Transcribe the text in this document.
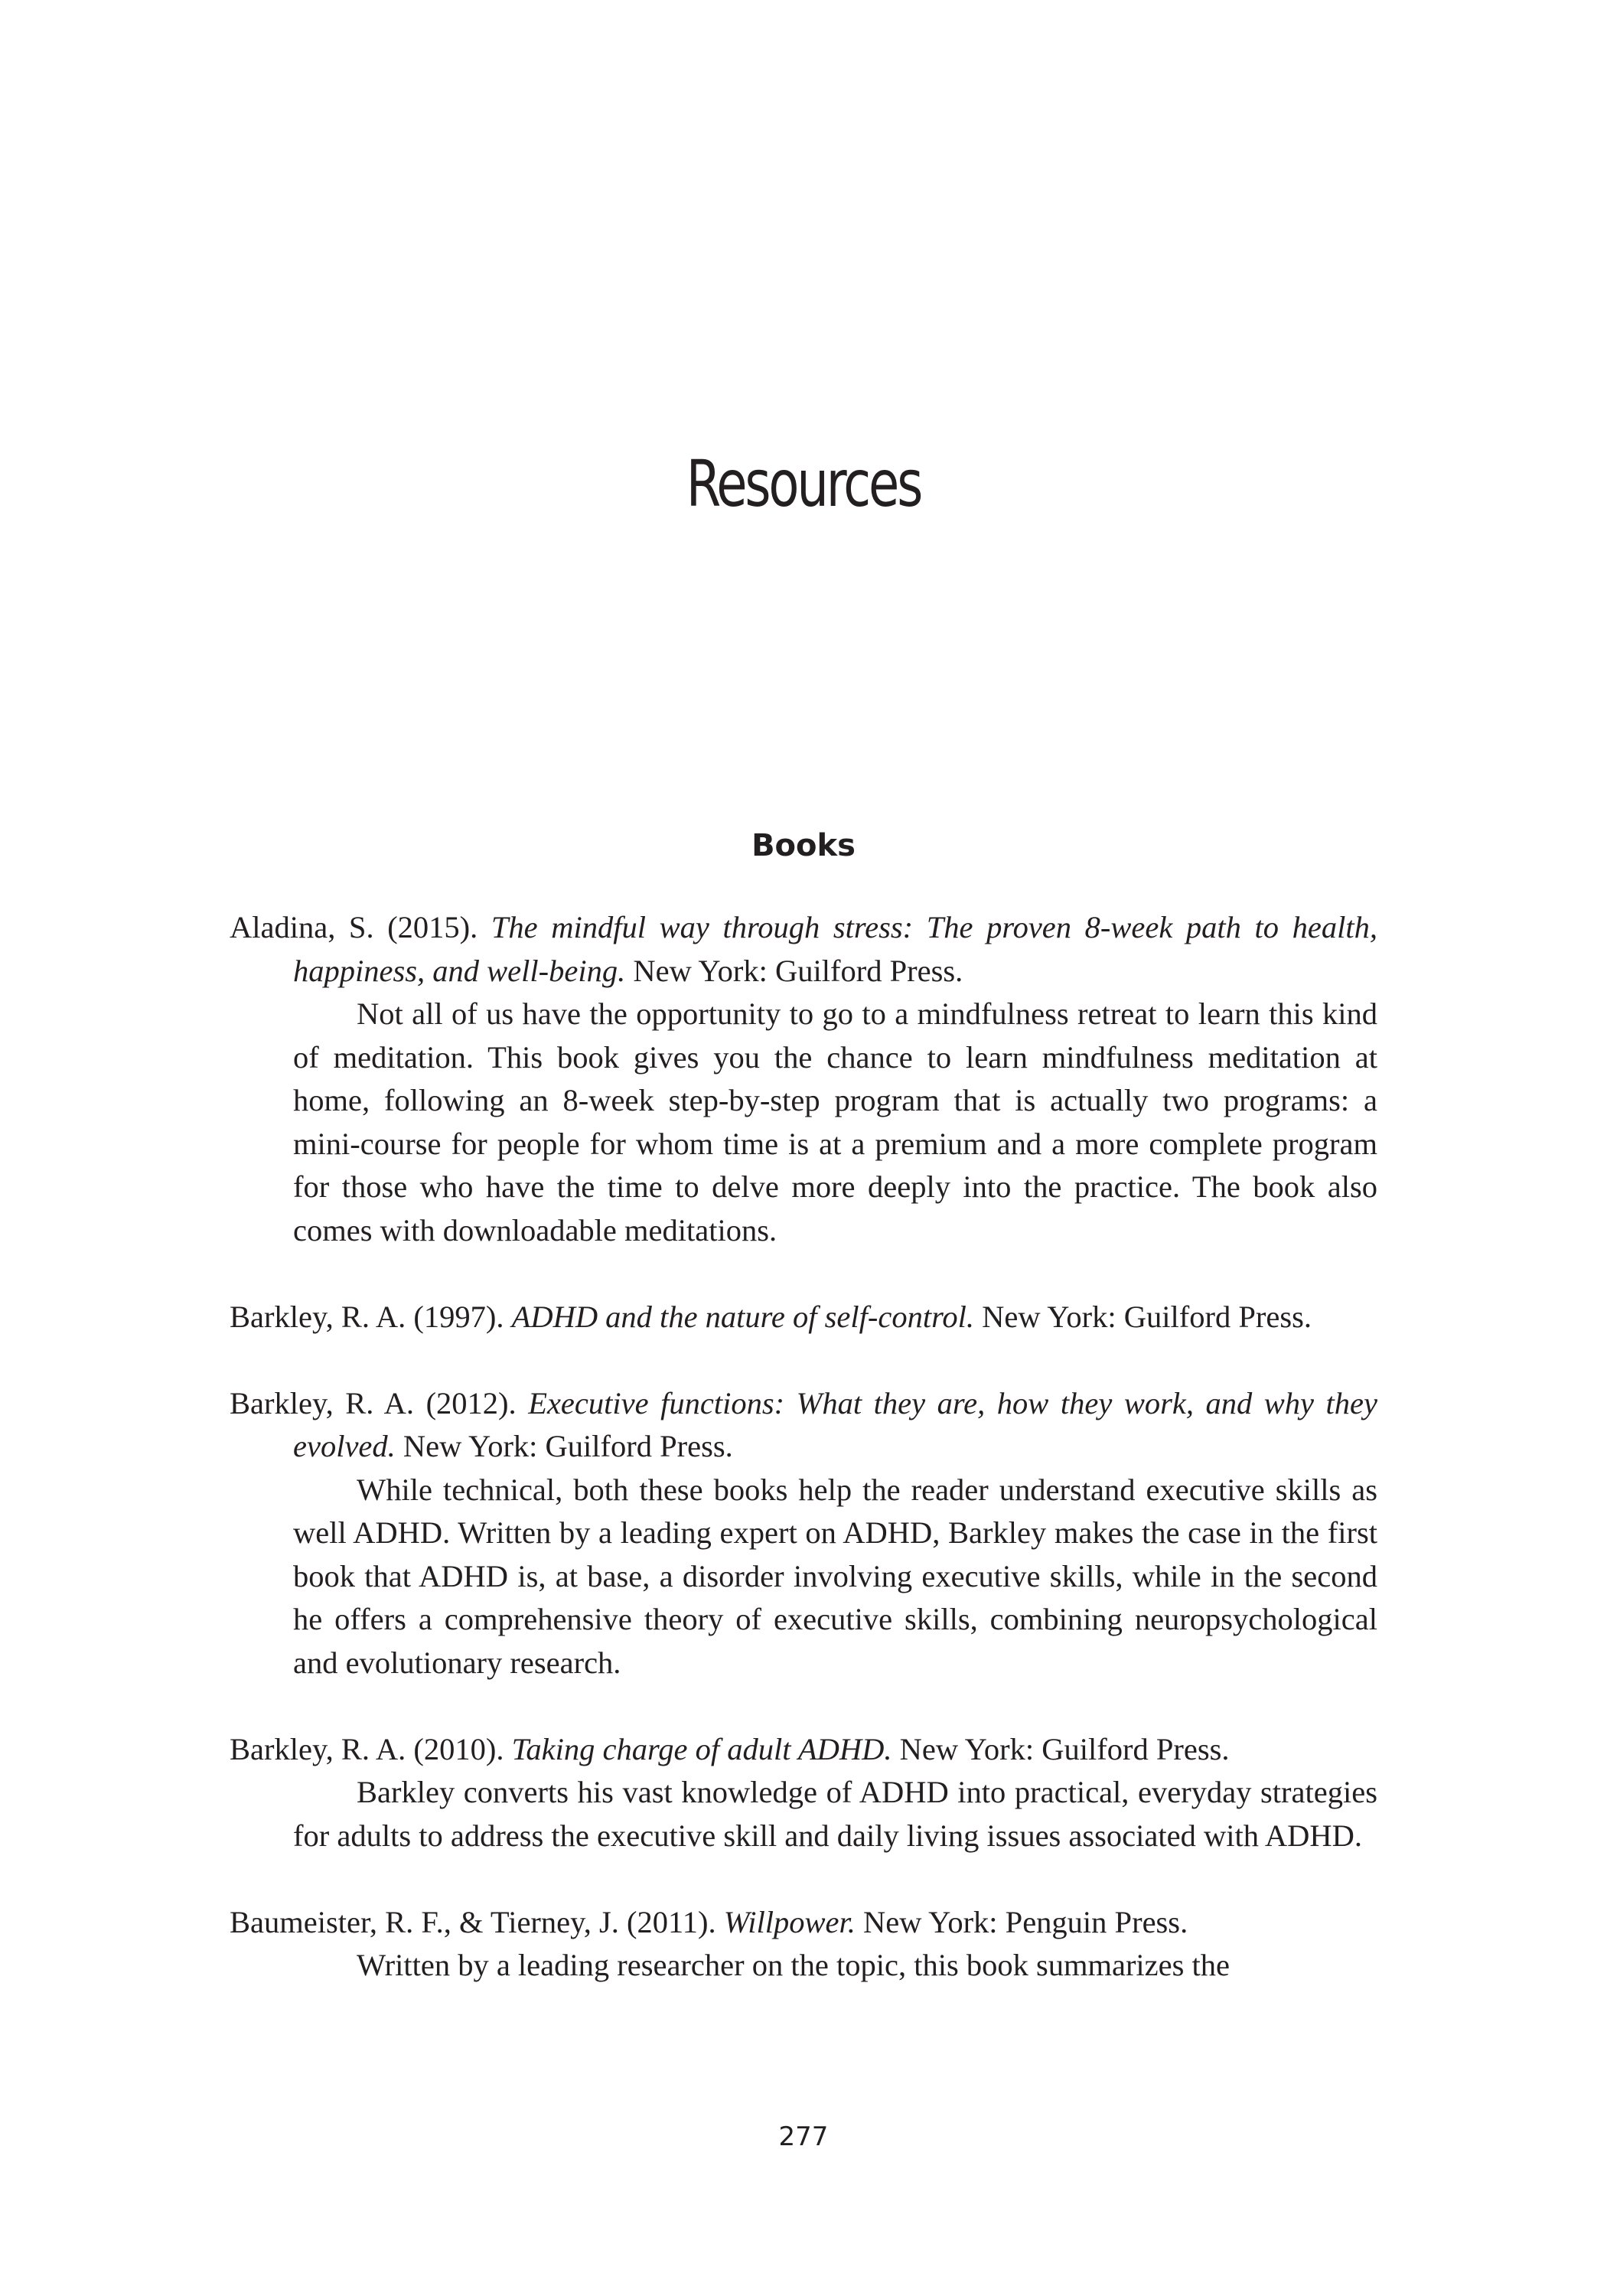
Resources
Books

Aladina, S. (2015). The mindful way through stress: The proven 8-week path to health, happiness, and well-being. New York: Guilford Press.

Not all of us have the opportunity to go to a mindfulness retreat to learn this kind of meditation. This book gives you the chance to learn mindfulness meditation at home, following an 8-week step-by-step program that is actually two programs: a mini-course for people for whom time is at a premium and a more complete program for those who have the time to delve more deeply into the practice. The book also comes with downloadable meditations.

Barkley, R. A. (1997). ADHD and the nature of self-control. New York: Guilford Press.

Barkley, R. A. (2012). Executive functions: What they are, how they work, and why they evolved. New York: Guilford Press.

While technical, both these books help the reader understand executive skills as well ADHD. Written by a leading expert on ADHD, Barkley makes the case in the first book that ADHD is, at base, a disorder involving executive skills, while in the second he offers a comprehensive theory of executive skills, combining neuropsychological and evolutionary research.

Barkley, R. A. (2010). Taking charge of adult ADHD. New York: Guilford Press.

Barkley converts his vast knowledge of ADHD into practical, everyday strategies for adults to address the executive skill and daily living issues associated with ADHD.

Baumeister, R. F., & Tierney, J. (2011). Willpower. New York: Penguin Press.

Written by a leading researcher on the topic, this book summarizes the

277
